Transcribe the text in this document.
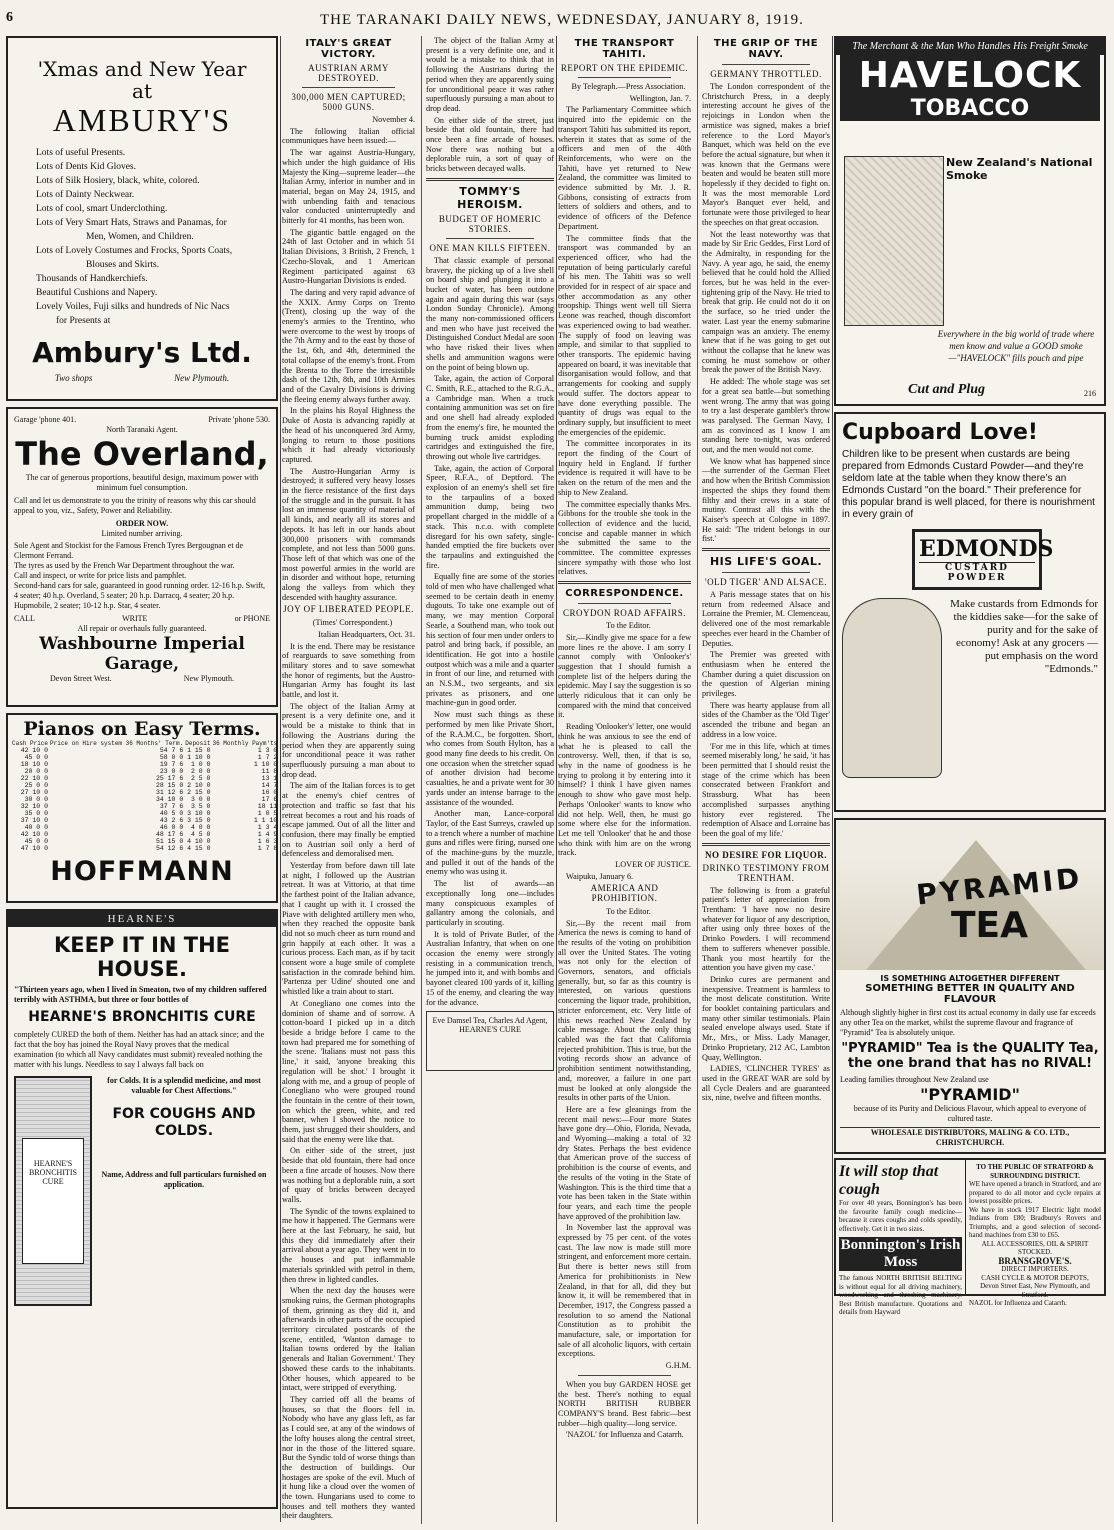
6	THE TARANAKI DAILY NEWS, WEDNESDAY, JANUARY 8, 1919.
'Xmas and New Year
at
AMBURY'S
Lots of useful Presents.
Lots of Dents Kid Gloves.
Lots of Silk Hosiery, black, white, colored.
Lots of Dainty Neckwear.
Lots of cool, smart Underclothing.
Lots of Very Smart Hats, Straws and Panamas, for
Men, Women, and Children.
Lots of Lovely Costumes and Frocks, Sports Coats,
Blouses and Skirts.
Thousands of Handkerchiefs.
Beautiful Cushions and Napery.
Lovely Voiles, Fuji silks and hundreds of Nic Nacs
for Presents at
Ambury's Ltd.
Two shops	New Plymouth.
Garage 'phone 401.	Private 'phone 530.
North Taranaki Agent.
The Overland,
The car of generous proportions, beautiful design, maximum power with minimum fuel consumption.
Call and let us demonstrate to you the trinity of reasons why this car should appeal to you, viz., Safety, Power and Reliability.
ORDER NOW.
Limited number arriving.
Sole Agent and Stockist for the Famous French Tyres Bergougnan et de Clermont Ferrand.
The tyres as used by the French War Department throughout the war.
Call and inspect, or write for price lists and pamphlet.
Second-hand cars for sale, guaranteed in good running order. 12-16 h.p. Swift, 4 seater; 40 h.p. Overland, 5 seater; 20 h.p. Darracq, 4 seater; 20 h.p. Hupmobile, 2 seater; 10-12 h.p. Star, 4 seater.
CALL	WRITE	or PHONE
All repair or overhauls fully guaranteed.
Washbourne Imperial Garage,
Devon Street West.	New Plymouth.
Pianos on Easy Terms.
Cash Price	Price on Hire system 36 Months' Term.	Deposit	36 Monthly Paym'ts				
42 10 0	54 7 6	1 15 0	1 3 0				
45 0 0	58 0 0	1 10 0	1 7 2				
18 10 0	19 7 6	1 0 0	1 10 0				
20 0 0	23 0 0	2 0 0	11 8				
22 10 0	25 17 6	2 5 0	13 1				
25 0 0	28 15 0	2 10 0	14 7				
27 10 0	31 12 6	2 15 0	16 0				
30 0 0	34 10 0	3 0 0	17 6				
32 10 0	37 7 6	3 5 0	18 11				
35 0 0	40 5 0	3 10 0	1 0 5				
37 10 0	43 2 6	3 15 0	1 1 10				
40 0 0	46 0 0	4 0 0	1 3 4				
42 10 0	48 17 6	4 5 0	1 4 9				
45 0 0	51 15 0	4 10 0	1 6 3				
47 10 0	54 12 6	4 15 0	1 7 8				
HOFFMANN
HEARNE'S
KEEP IT IN THE HOUSE.
"Thirteen years ago, when I lived in Smeaton, two of my children suffered terribly with ASTHMA, but three or four bottles of
HEARNE'S BRONCHITIS CURE
completely CURED the both of them. Neither has had an attack since; and the fact that the boy has joined the Royal Navy proves that the medical examination (to which all Navy candidates must submit) revealed nothing the matter with his lungs. Needless to say I always fall back on
HEARNE'S BRONCHITIS CURE
for Colds. It is a splendid medicine, and most valuable for Chest Affections."
FOR COUGHS AND COLDS.
Name, Address and full particulars furnished on application.
ITALY'S GREAT VICTORY.
AUSTRIAN ARMY DESTROYED.
300,000 MEN CAPTURED; 5000 GUNS.

November 4.

The following Italian official communiques have been issued:—

The war against Austria-Hungary, which under the high guidance of His Majesty the King—supreme leader—the Italian Army, inferior in number and in material, began on May 24, 1915, and with unbending faith and tenacious valor conducted uninterruptedly and bitterly for 41 months, has been won.

The gigantic battle engaged on the 24th of last October and in which 51 Italian Divisions, 3 British, 2 French, 1 Czecho-Slovak, and 1 American Regiment participated against 63 Austro-Hungarian Divisions is ended.

The daring and very rapid advance of the XXIX. Army Corps on Trento (Trent), closing up the way of the enemy's armies to the Trentino, who were overcome to the west by troops of the 7th Army and to the east by those of the 1st, 6th, and 4th, determined the total collapse of the enemy's front. From the Brenta to the Torre the irresistible dash of the 12th, 8th, and 10th Armies and of the Cavalry Divisions is driving the fleeing enemy always further away.

In the plains his Royal Highness the Duke of Aosta is advancing rapidly at the head of his unconquered 3rd Army, longing to return to those positions which it had already victoriously captured.

The Austro-Hungarian Army is destroyed; it suffered very heavy losses in the fierce resistance of the first days of the struggle and in the pursuit. It has lost an immense quantity of material of all kinds, and nearly all its stores and depots. It has left in our hands about 300,000 prisoners with commands complete, and not less than 5000 guns. Those left of that which was one of the most powerful armies in the world are in disorder and without hope, returning along the valleys from which they descended with haughty assurance.

JOY OF LIBERATED PEOPLE.

(Times' Correspondent.)

Italian Headquarters, Oct. 31.

It is the end. There may be resistance of rearguards to save something from military stores and to save somewhat the honor of regiments, but the Austro-Hungarian Army has fought its last battle, and lost it.

The object of the Italian Army at present is a very definite one, and it would be a mistake to think that in following the Austrians during the period when they are apparently suing for unconditional peace it was rather superfluously pursuing a man about to drop dead.

The aim of the Italian forces is to get at the enemy's chief centres of protection and traffic so fast that his retreat becomes a rout and his roads of escape jammed. Out of all the litter and confusion, there may finally be emptied on to Austrian soil only a herd of defenceless and demoralised men.

Yesterday from before dawn till late at night, I followed up the Austrian retreat. It was at Vittorio, at that time the farthest point of the Italian advance, that I caught up with it. I crossed the Piave with delighted artillery men who, when they reached the opposite bank did not so much cheer as turn round and grin happily at each other. It was a curious process. Each man, as if by tacit consent wore a huge smile of complete satisfaction in the comrade behind him. 'Partenza per Udine' shouted one and whistled like a train about to start.

At Conegliano one comes into the dominion of shame and of sorrow. A cotton-board I picked up in a ditch beside a bridge before I came to the town had prepared me for something of the scene. 'Italians must not pass this line,' it said, 'anyone breaking this regulation will be shot.' I brought it along with me, and a group of people of Conegliano who were grouped round the fountain in the centre of their town, on which the green, white, and red banner, when I showed the notice to them, just shrugged their shoulders, and said that the enemy were like that.

On either side of the street, just beside that old fountain, there had once been a fine arcade of houses. Now there was nothing but a deplorable ruin, a sort of quay of bricks between decayed walls.

The Syndic of the towns explained to me how it happened. The Germans were here at the last February, he said, but this they did immediately after their arrival about a year ago. They went in to the houses and put inflammable materials sprinkled with petrol in them, then threw in lighted candles.

When the next day the houses were smoking ruins, the German photographs of them, grinning as they did it, and afterwards in other parts of the occupied territory circulated postcards of the scene, entitled, 'Wanton damage to Italian towns ordered by the Italian generals and Italian Government.' They showed these cards to the inhabitants. Other houses, which appeared to be intact, were stripped of everything.

They carried off all the beams of houses, so that the floors fell in. Nobody who have any glass left, as far as I could see, at any of the windows of the lofty houses along the central street, nor in the those of the littered square. But the Syndic told of worse things than the destruction of buildings. Our hostages are spoke of the evil. Much of it hung like a cloud over the women of the town. Hungarians used to come to houses and tell mothers they wanted their daughters.

The object of the Italian Army at present is a very definite one, and it would be a mistake to think that in following the Austrians during the period when they are apparently suing for unconditional peace it was rather superfluously pursuing a man about to drop dead.

On either side of the street, just beside that old fountain, there had once been a fine arcade of houses. Now there was nothing but a deplorable ruin, a sort of quay of bricks between decayed walls.

TOMMY'S HEROISM.
BUDGET OF HOMERIC STORIES.
ONE MAN KILLS FIFTEEN.

That classic example of personal bravery, the picking up of a live shell on board ship and plunging it into a bucket of water, has been outdone again and again during this war (says London Sunday Chronicle). Among the many non-commissioned officers and men who have just received the Distinguished Conduct Medal are soon who have risked their lives when shells and ammunition wagons were on the point of being blown up.

Take, again, the action of Corporal C. Smith, R.E., attached to the R.G.A., a Cambridge man. When a truck containing ammunition was set on fire and one shell had already exploded from the enemy's fire, he mounted the burning truck amidst exploding cartridges and extinguished the fire, throwing out whole live cartridges.

Take, again, the action of Corporal Speer, R.F.A., of Deptford. The explosion of an enemy's shell set fire to the tarpaulins of a boxed ammunition dump, being two propellant charged in the middle of a stack. This n.c.o. with complete disregard for his own safety, single-handed emptied the fire buckets over the tarpaulins and extinguished the fire.

Equally fine are some of the stories told of men who have challenged what seemed to be certain death in enemy dugouts. To take one example out of many, we may mention Corporal Searle, a Southend man, who took out his section of four men under orders to patrol and bring back, if possible, an identification. He got into a hostile outpost which was a mile and a quarter in front of our line, and returned with an N.S.M., two sergeants, and six privates as prisoners, and one machine-gun in good order.

Now must such things as these performed by men like Private Short, of the R.A.M.C., be forgotten. Short, who comes from South Hylton, has a good many fine deeds to his credit. On one occasion when the stretcher squad of another division had become casualties, he and a private went for 30 yards under an intense barrage to the assistance of the wounded.

Another man, Lance-corporal Taylor, of the East Surreys, crawled up to a trench where a number of machine guns and rifles were firing, nursed one of the machine-guns by the muzzle, and pulled it out of the hands of the enemy who was using it.

The list of awards—an exceptionally long one—includes many conspicuous examples of gallantry among the colonials, and particularly in scouting.

It is told of Private Butler, of the Australian Infantry, that when on one occasion the enemy were strongly resisting in a communication trench, he jumped into it, and with bombs and bayonet cleared 100 yards of it, killing 15 of the enemy, and clearing the way for the advance.

Eve Damsel Tea, Charles Ad Agent, HEARNE'S CURE
THE TRANSPORT TAHITI.
REPORT ON THE EPIDEMIC.

By Telegraph.—Press Association.

Wellington, Jan. 7.

The Parliamentary Committee which inquired into the epidemic on the transport Tahiti has submitted its report, wherein it states that as some of the officers and men of the 40th Reinforcements, who were on the Tahiti, have yet returned to New Zealand, the committee was limited to evidence submitted by Mr. J. R. Gibbons, consisting of extracts from letters of soldiers and others, and to evidence of officers of the Defence Department.

The committee finds that the transport was commanded by an experienced officer, who had the reputation of being particularly careful of his men. The Tahiti was so well provided for in respect of air space and other accommodation as any other troopship. Things went well till Sierra Leone was reached, though discomfort was experienced owing to bad weather. The supply of food on leaving was ample, and similar to that supplied to other transports. The epidemic having appeared on board, it was inevitable that disorganisation would follow, and that arrangements for cooking and supply would suffer. The doctors appear to have done everything possible. The quantity of drugs was equal to the ordinary supply, but insufficient to meet the emergencies of the epidemic.

The committee incorporates in its report the finding of the Court of Inquiry held in England. If further evidence is required it will have to be taken on the return of the men and the ship to New Zealand.

The committee especially thanks Mrs. Gibbons for the trouble she took in the collection of evidence and the lucid, concise and capable manner in which she submitted the same to the committee. The committee expresses sincere sympathy with those who lost relatives.

CORRESPONDENCE.
CROYDON ROAD AFFAIRS.

To the Editor.

Sir,—Kindly give me space for a few more lines re the above. I am sorry I cannot comply with 'Onlooker's' suggestion that I should furnish a complete list of the helpers during the epidemic. May I say the suggestion is so utterly ridiculous that it can only be compared with the mind that conceived it.

Reading 'Onlooker's' letter, one would think he was anxious to see the end of what he is pleased to call the controversy. Well, then, if that is so, why in the name of goodness is he trying to prolong it by entering into it himself? I think I have given names enough to show who gave most help. Perhaps 'Onlooker' wants to know who did not help. Well, then, he must go some where else for the information. Let me tell 'Onlooker' that he and those who think with him are on the wrong track.

LOVER OF JUSTICE.

Waipuku, January 6.

AMERICA AND PROHIBITION.

To the Editor.

Sir,—By the recent mail from America the news is coming to hand of the results of the voting on prohibition all over the United States. The voting was not only for the election of Governors, senators, and officials generally, but, so far as this country is interested, on various questions concerning the liquor trade, prohibition, stricter enforcement, etc. Very little of this news reached New Zealand by cable message. About the only thing cabled was the fact that California rejected prohibition. This is true, but the voting records show an advance of prohibition sentiment notwithstanding, and, moreover, a failure in one part must be looked at only alongside the results in other parts of the Union.

Here are a few gleanings from the recent mail news:—Four more States have gone dry—Ohio, Florida, Nevada, and Wyoming—making a total of 32 dry States. Perhaps the best evidence that American prove of the success of prohibition is the course of events, and the results of the voting in the State of Washington. This is the third time that a vote has been taken in the State within four years, and each time the people have approved of the prohibition law.

In November last the approval was expressed by 75 per cent. of the votes cast. The law now is made still more stringent, and enforcement more certain. But there is better news still from America for prohibitionists in New Zealand, in that for all, did they but know it, it will be remembered that in December, 1917, the Congress passed a resolution to so amend the National Constitution as to prohibit the manufacture, sale, or importation for sale of all alcoholic liquors, with certain exceptions.

G.H.M.

When you buy GARDEN HOSE get the best. There's nothing to equal NORTH BRITISH RUBBER COMPANY'S brand. Best fabric—best rubber—high quality—long service.

'NAZOL' for Influenza and Catarrh.

THE GRIP OF THE NAVY.
GERMANY THROTTLED.

The London correspondent of the Christchurch Press, in a deeply interesting account he gives of the rejoicings in London when the armistice was signed, makes a brief reference to the Lord Mayor's Banquet, which was held on the eve before the actual signature, but when it was known that the Germans were beaten and would be beaten still more hopelessly if they decided to fight on. It was the most memorable Lord Mayor's Banquet ever held, and fortunate were those privileged to hear the speeches on that great occasion.

Not the least noteworthy was that made by Sir Eric Geddes, First Lord of the Admiralty, in responding for the Navy. A year ago, he said, the enemy believed that he could hold the Allied forces, but he was held in the ever-tightening grip of the Navy. He tried to break that grip. He could not do it on the surface, so he tried under the water. Last year the enemy submarine campaign was an anxiety. The enemy knew that if he was going to get out without the collapse that he knew was coming he must somehow or other break the power of the British Navy.

He added: The whole stage was set for a great sea battle—but something went wrong. The army that was going to try a last desperate gambler's throw was paralysed. The German Navy, I am as convinced as I know I am standing here to-night, was ordered out, and the men would not come.

We know what has happened since—the surrender of the German Fleet and how when the British Commission inspected the ships they found them filthy and their crews in a state of mutiny. Contrast all this with the Kaiser's speech at Cologne in 1897. He said: 'The trident belongs in our fist.'

HIS LIFE'S GOAL.
'OLD TIGER' AND ALSACE.

A Paris message states that on his return from redeemed Alsace and Lorraine the Premier, M. Clemenceau, delivered one of the most remarkable speeches ever heard in the Chamber of Deputies.

The Premier was greeted with enthusiasm when he entered the Chamber during a quiet discussion on the question of Algerian mining privileges.

There was hearty applause from all sides of the Chamber as the 'Old Tiger' ascended the tribune and began an address in a low voice.

'For me in this life, which at times seemed miserably long,' he said, 'it has been permitted that I should resist the stage of the crime which has been consecrated between Frankfort and Strassburg. What has been accomplished surpasses anything history ever registered. The redemption of Alsace and Lorraine has been the goal of my life.'

NO DESIRE FOR LIQUOR.
DRINKO TESTIMONY FROM TRENTHAM.

The following is from a grateful patient's letter of appreciation from Trentham: 'I have now no desire whatever for liquor of any description, after using only three boxes of the Drinko Powders. I will recommend them to sufferers whenever possible. Thank you most heartily for the attention you have given my case.'

Drinko cures are permanent and inexpensive. Treatment is harmless to the most delicate constitution. Write for booklet containing particulars and many other similar testimonials. Plain sealed envelope always used. State if Mr., Mrs., or Miss. Lady Manager, Drinko Proprietary, 212 AC, Lambton Quay, Wellington.

LADIES, 'CLINCHER TYRES' as used in the GREAT WAR are sold by all Cycle Dealers and are guaranteed six, nine, twelve and fifteen months.

The Merchant & the Man Who Handles His Freight Smoke
HAVELOCK
TOBACCO
New Zealand's National Smoke
Everywhere in the big world of trade where men know and value a GOOD smoke—"HAVELOCK" fills pouch and pipe
Cut and Plug	216
Cupboard Love!
Children like to be present when custards are being prepared from Edmonds Custard Powder—and they're seldom late at the table when they know there's an Edmonds Custard "on the board." Their preference for this popular brand is well placed, for there is nourishment in every grain of
EDMONDS
CUSTARD POWDER
Make custards from Edmonds for the kiddies sake—for the sake of purity and for the sake of economy! Ask at any grocers —put emphasis on the word "Edmonds."
PYRAMID
TEA
IS SOMETHING ALTOGETHER DIFFERENT
SOMETHING BETTER IN QUALITY AND FLAVOUR
Although slightly higher in first cost its actual economy in daily use far exceeds any other Tea on the market, whilst the supreme flavour and fragrance of "Pyramid" Tea is absolutely unique.
"PYRAMID" Tea is the QUALITY Tea, the one brand that has no RIVAL!
Leading families throughout New Zealand use
"PYRAMID"
because of its Purity and Delicious Flavour, which appeal to everyone of cultured taste.
WHOLESALE DISTRIBUTORS, MALING & CO. LTD., CHRISTCHURCH.
It will stop that cough
For over 40 years, Bonnington's has been the favourite family cough medicine—because it cures coughs and colds speedily, effectively. Get it in two sizes.
Bonnington's Irish Moss
The famous NORTH BRITISH BELTING is without equal for all driving machinery, woodworking and threshing machinery. Best British manufacture. Quotations and details from Hayward
TO THE PUBLIC OF STRATFORD & SURROUNDING DISTRICT.
WE have opened a branch in Stratford, and are prepared to do all motor and cycle repairs at lowest possible prices.
We have in stock 1917 Electric light model Indians from £80; Bradbury's Rovers and Triumphs, and a good selection of second-hand machines from £30 to £65.
ALL ACCESSORIES, OIL & SPIRIT STOCKED.
BRANSGROVE'S.
DIRECT IMPORTERS.
CASH CYCLE & MOTOR DEPOTS,
Devon Street East, New Plymouth, and Stratford.
NAZOL for Influenza and Catarrh.
